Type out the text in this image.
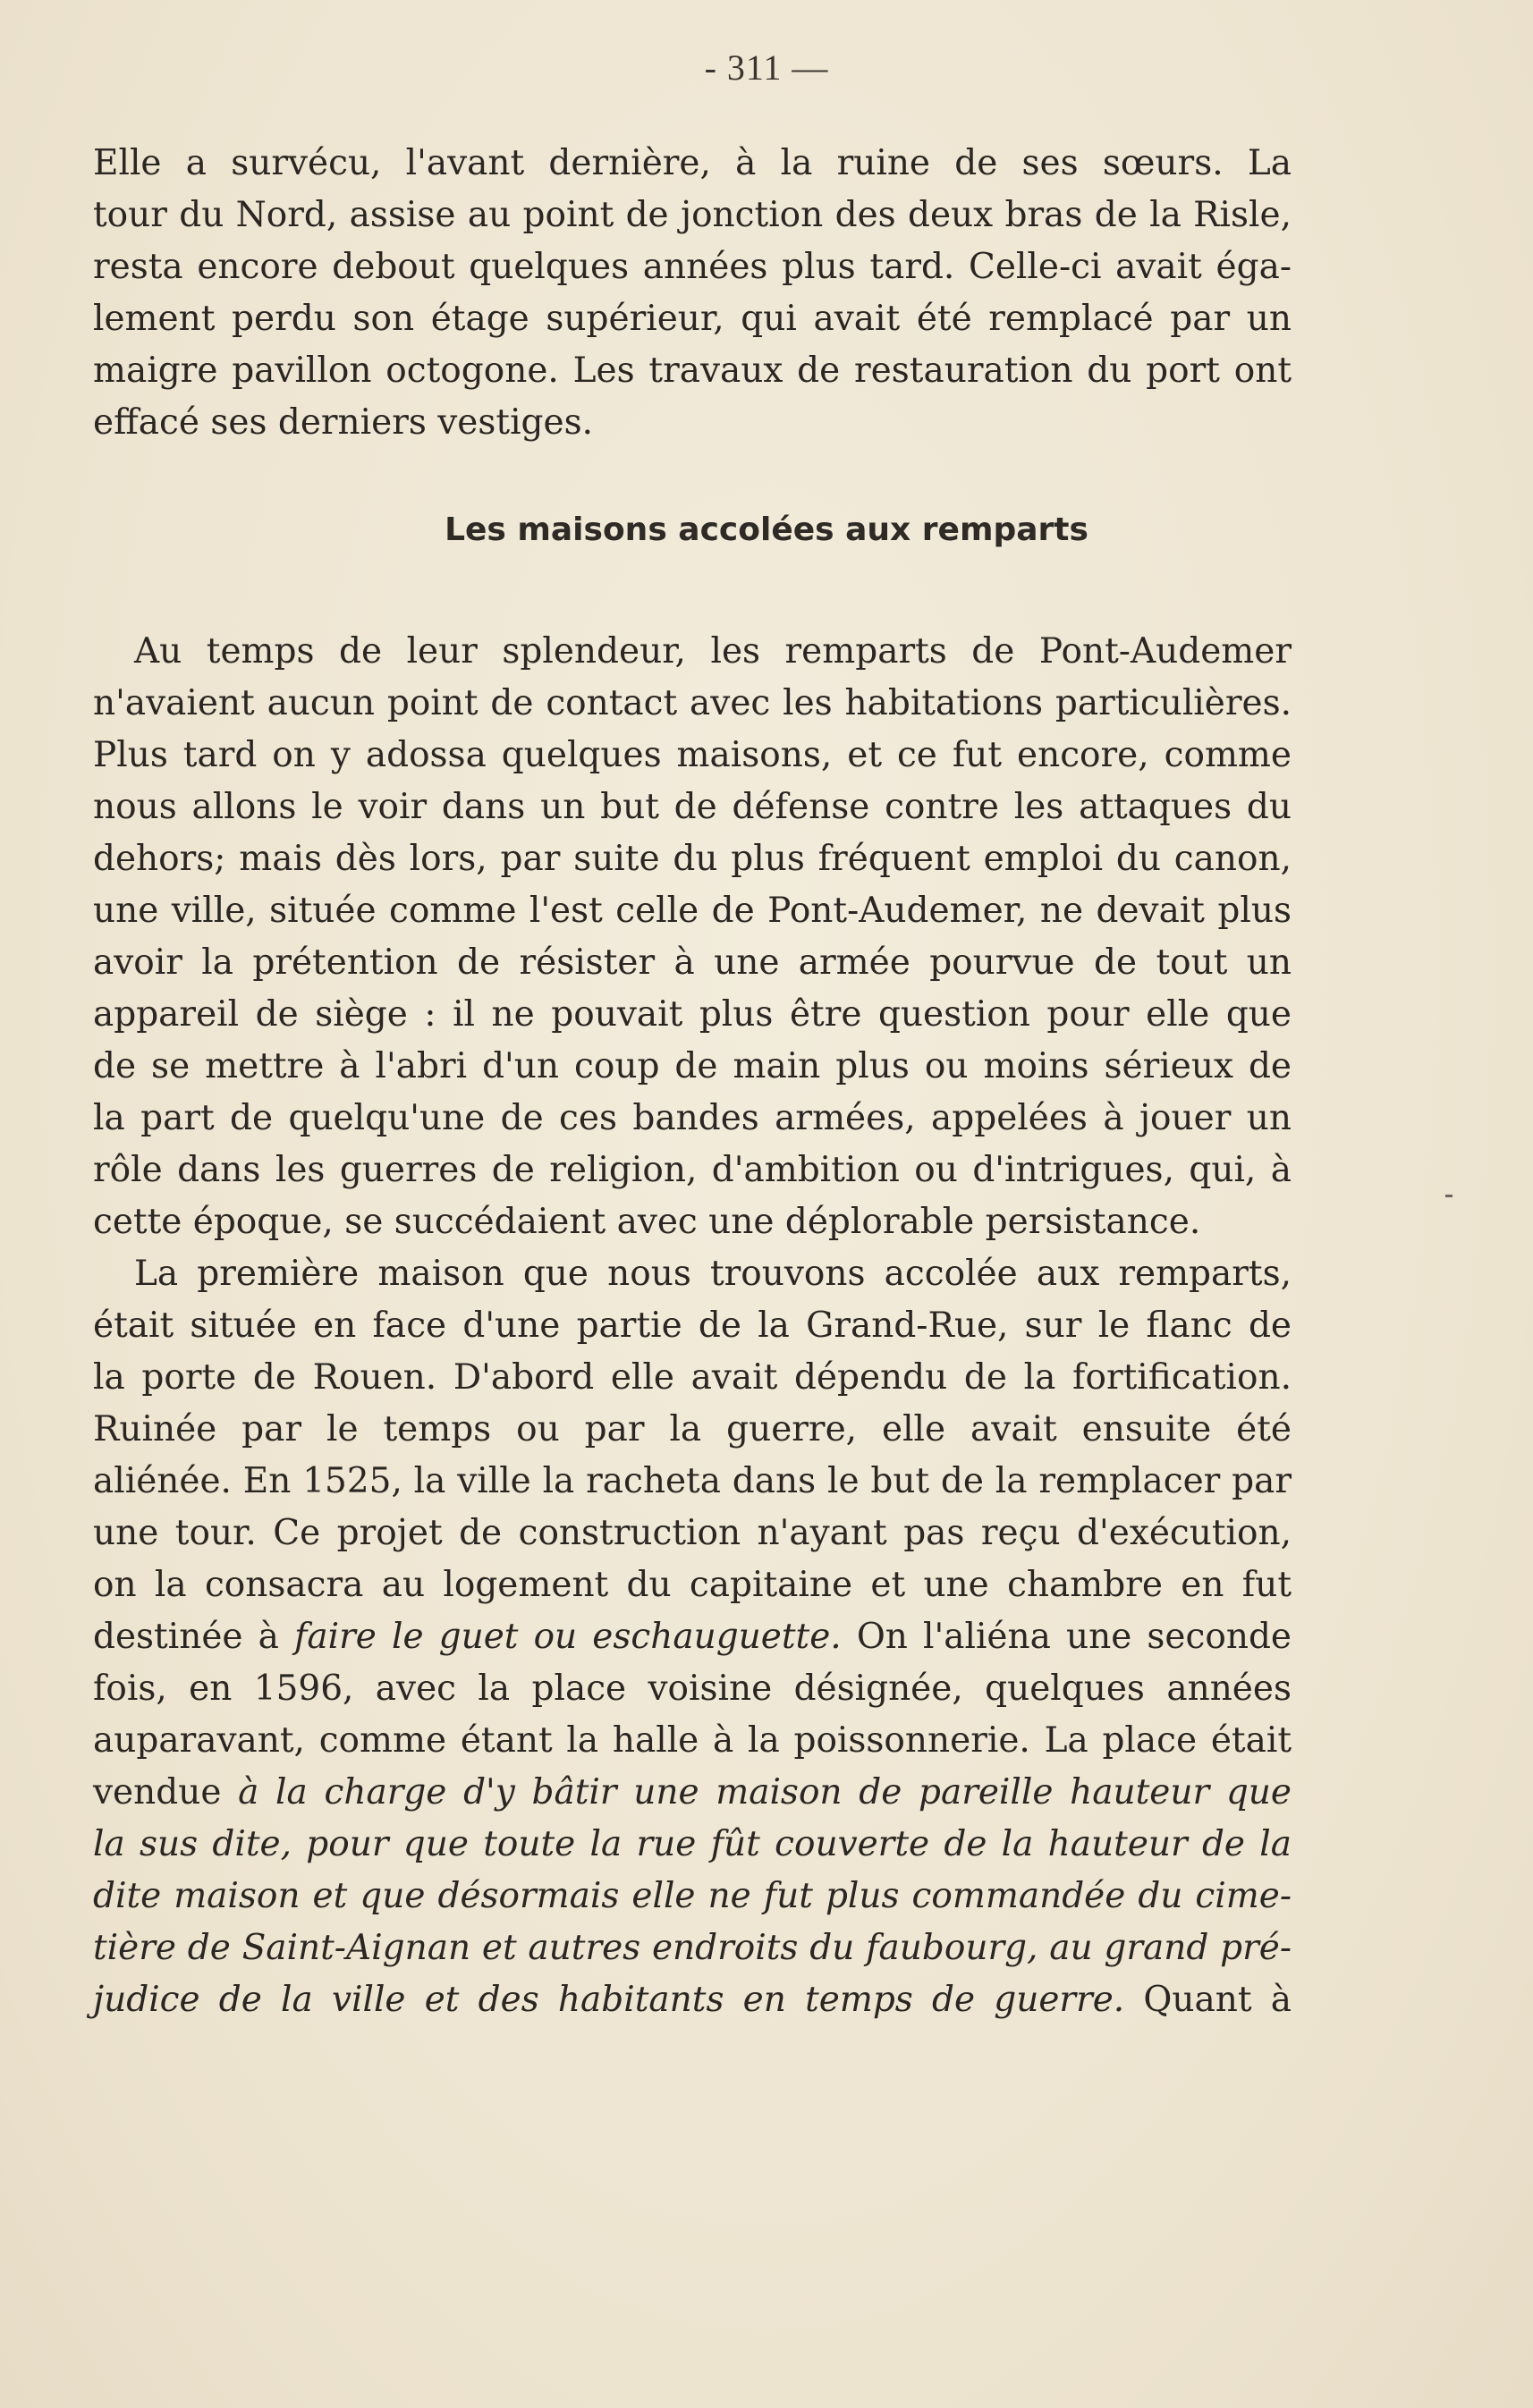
- 311 —
Elle a survécu, l'avant dernière, à la ruine de ses sœurs. La
tour du Nord, assise au point de jonction des deux bras de la Risle,
resta encore debout quelques années plus tard. Celle-ci avait éga-
lement perdu son étage supérieur, qui avait été remplacé par un
maigre pavillon octogone. Les travaux de restauration du port ont
effacé ses derniers vestiges.
Les maisons accolées aux remparts
Au temps de leur splendeur, les remparts de Pont-Audemer
n'avaient aucun point de contact avec les habitations particulières.
Plus tard on y adossa quelques maisons, et ce fut encore, comme
nous allons le voir dans un but de défense contre les attaques du
dehors; mais dès lors, par suite du plus fréquent emploi du canon,
une ville, située comme l'est celle de Pont-Audemer, ne devait plus
avoir la prétention de résister à une armée pourvue de tout un
appareil de siège : il ne pouvait plus être question pour elle que
de se mettre à l'abri d'un coup de main plus ou moins sérieux de
la part de quelqu'une de ces bandes armées, appelées à jouer un
rôle dans les guerres de religion, d'ambition ou d'intrigues, qui, à
cette époque, se succédaient avec une déplorable persistance.
La première maison que nous trouvons accolée aux remparts,
était située en face d'une partie de la Grand-Rue, sur le flanc de
la porte de Rouen. D'abord elle avait dépendu de la fortification.
Ruinée par le temps ou par la guerre, elle avait ensuite été
aliénée. En 1525, la ville la racheta dans le but de la remplacer par
une tour. Ce projet de construction n'ayant pas reçu d'exécution,
on la consacra au logement du capitaine et une chambre en fut
destinée à faire le guet ou eschauguette. On l'aliéna une seconde
fois, en 1596, avec la place voisine désignée, quelques années
auparavant, comme étant la halle à la poissonnerie. La place était
vendue à la charge d'y bâtir une maison de pareille hauteur que
la sus dite, pour que toute la rue fût couverte de la hauteur de la
dite maison et que désormais elle ne fut plus commandée du cime-
tière de Saint-Aignan et autres endroits du faubourg, au grand pré-
judice de la ville et des habitants en temps de guerre. Quant à
